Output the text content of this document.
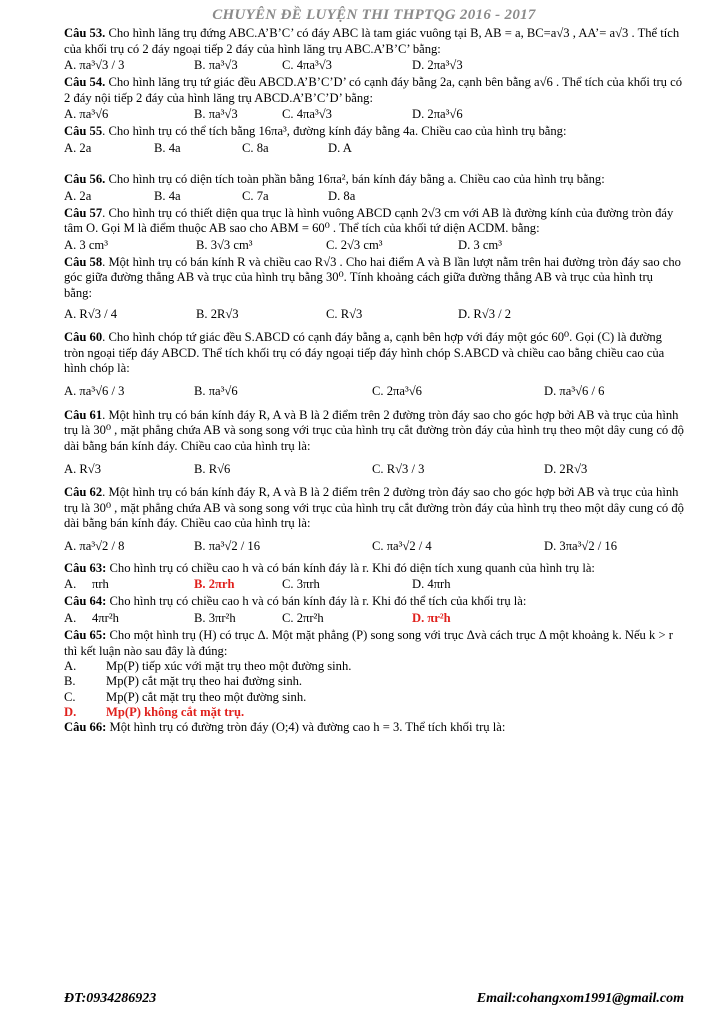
CHUYÊN ĐỀ LUYỆN THI THPTQG 2016 - 2017
Câu 53. Cho hình lăng trụ đứng ABC.A’B’C’ có đáy ABC là tam giác vuông tại B, AB = a, BC=a√3 , AA’= a√3 . Thể tích của khối trụ có 2 đáy ngoại tiếp 2 đáy của hình lăng trụ ABC.A’B’C’ bằng:
A. πa³√3 / 3	B. πa³√3	C. 4πa³√3	D. 2πa³√3
Câu 54. Cho hình lăng trụ tứ giác đều ABCD.A’B’C’D’ có cạnh đáy bằng 2a, cạnh bên bằng a√6 . Thể tích của khối trụ có 2 đáy nội tiếp 2 đáy của hình lăng trụ ABCD.A’B’C’D’ bằng:
A. πa³√6	B. πa³√3	C. 4πa³√3	D. 2πa³√6
Câu 55. Cho hình trụ có thể tích bằng 16πa³, đường kính đáy bằng 4a. Chiều cao của hình trụ bằng:
A. 2a	B. 4a	C. 8a	D. A
Câu 56. Cho hình trụ có diện tích toàn phần bằng 16πa², bán kính đáy bằng a. Chiều cao của hình trụ bằng:
A. 2a	B. 4a	C. 7a	D. 8a
Câu 57. Cho hình trụ có thiết diện qua trục là hình vuông ABCD cạnh 2√3 cm với AB là đường kính của đường tròn đáy tâm O. Gọi M là điểm thuộc AB sao cho ABM = 60⁰ . Thể tích của khối tứ diện ACDM. bằng:
A. 3 cm³	B. 3√3 cm³	C. 2√3 cm³	D. 3 cm³
Câu 58. Một hình trụ có bán kính R và chiều cao R√3 . Cho hai điểm A và B lần lượt nằm trên hai đường tròn đáy sao cho góc giữa đường thẳng AB và trục của hình trụ bằng 30⁰. Tính khoảng cách giữa đường thẳng AB và trục của hình trụ bằng:
A. R√3 / 4	B. 2R√3	C. R√3	D. R√3 / 2
Câu 60. Cho hình chóp tứ giác đều S.ABCD có cạnh đáy bằng a, cạnh bên hợp với đáy một góc 60⁰. Gọi (C) là đường tròn ngoại tiếp đáy ABCD. Thể tích khối trụ có đáy ngoại tiếp đáy hình chóp S.ABCD và chiều cao bằng chiều cao của hình chóp là:
A. πa³√6 / 3	B. πa³√6	C. 2πa³√6	D. πa³√6 / 6
Câu 61. Một hình trụ có bán kính đáy R, A và B là 2 điểm trên 2 đường tròn đáy sao cho góc hợp bởi AB và trục của hình trụ là 30⁰ , mặt phẳng chứa AB và song song với trục của hình trụ cắt đường tròn đáy của hình trụ theo một dây cung có độ dài bằng bán kính đáy. Chiều cao của hình trụ là:
A. R√3	B. R√6	C. R√3 / 3	D. 2R√3
Câu 62. Một hình trụ có bán kính đáy R, A và B là 2 điểm trên 2 đường tròn đáy sao cho góc hợp bởi AB và trục của hình trụ là 30⁰ , mặt phẳng chứa AB và song song với trục của hình trụ cắt đường tròn đáy của hình trụ theo một dây cung có độ dài bằng bán kính đáy. Chiều cao của hình trụ là:
A. πa³√2 / 8	B. πa³√2 / 16	C. πa³√2 / 4	D. 3πa³√2 / 16
Câu 63: Cho hình trụ có chiều cao h và có bán kính đáy là r. Khi đó diện tích xung quanh của hình trụ là:
A.     πrh	B. 2πrh	C. 3πrh	D. 4πrh
Câu 64: Cho hình trụ có chiều cao h và có bán kính đáy là r. Khi đó thể tích của khối trụ là:
A.     4πr²h	B. 3πr²h	C. 2πr²h	D. πr²h
Câu 65: Cho một hình trụ (H) có trục Δ. Một mặt phẳng (P) song song với trục Δvà cách trục Δ một khoảng k. Nếu k > r thì kết luận nào sau đây là đúng:
A.	Mp(P) tiếp xúc với mặt trụ theo một đường sinh.
B.	Mp(P) cắt mặt trụ theo hai đường sinh.
C.	Mp(P) cắt mặt trụ theo một đường sinh.
D.	Mp(P) không cắt mặt trụ.
Câu 66: Một hình trụ có đường tròn đáy (O;4) và đường cao h = 3. Thể tích khối trụ là:
ĐT:0934286923	Email:cohangxom1991@gmail.com
